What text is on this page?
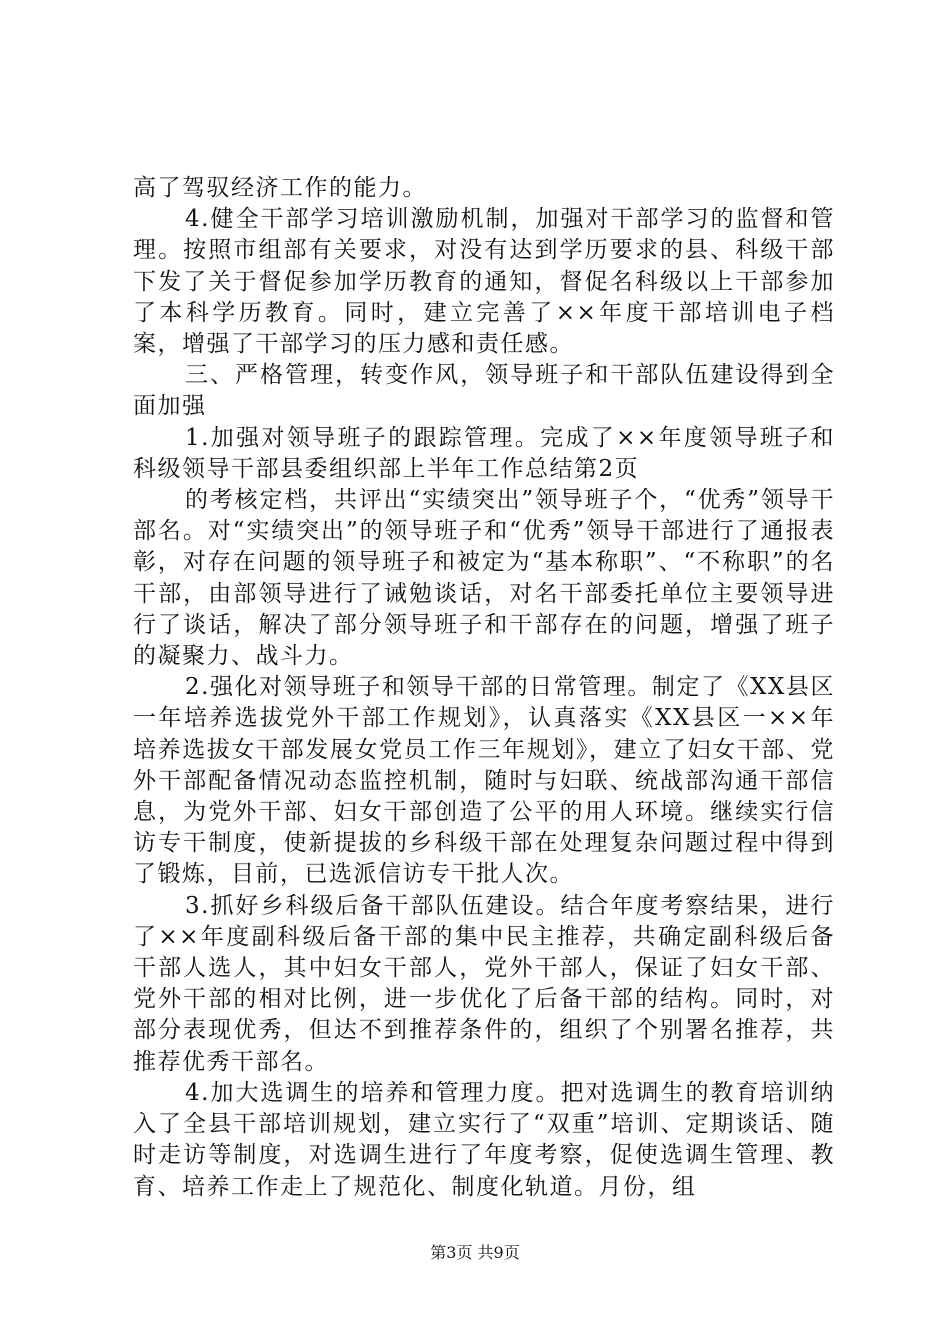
高了驾驭经济工作的能力。

4.健全干部学习培训激励机制，加强对干部学习的监督和管理。按照市组部有关要求，对没有达到学历要求的县、科级干部下发了关于督促参加学历教育的通知，督促名科级以上干部参加了本科学历教育。同时，建立完善了××年度干部培训电子档案，增强了干部学习的压力感和责任感。

三、严格管理，转变作风，领导班子和干部队伍建设得到全面加强

1.加强对领导班子的跟踪管理。完成了××年度领导班子和科级领导干部县委组织部上半年工作总结第2页

的考核定档，共评出“实绩突出”领导班子个，“优秀”领导干部名。对“实绩突出”的领导班子和“优秀”领导干部进行了通报表彰，对存在问题的领导班子和被定为“基本称职”、“不称职”的名干部，由部领导进行了诫勉谈话，对名干部委托单位主要领导进行了谈话，解决了部分领导班子和干部存在的问题，增强了班子的凝聚力、战斗力。

2.强化对领导班子和领导干部的日常管理。制定了《XX县区一年培养选拔党外干部工作规划》，认真落实《XX县区一××年培养选拔女干部发展女党员工作三年规划》，建立了妇女干部、党外干部配备情况动态监控机制，随时与妇联、统战部沟通干部信息，为党外干部、妇女干部创造了公平的用人环境。继续实行信访专干制度，使新提拔的乡科级干部在处理复杂问题过程中得到了锻炼，目前，已选派信访专干批人次。

3.抓好乡科级后备干部队伍建设。结合年度考察结果，进行了××年度副科级后备干部的集中民主推荐，共确定副科级后备干部人选人，其中妇女干部人，党外干部人，保证了妇女干部、党外干部的相对比例，进一步优化了后备干部的结构。同时，对部分表现优秀，但达不到推荐条件的，组织了个别署名推荐，共推荐优秀干部名。

4.加大选调生的培养和管理力度。把对选调生的教育培训纳入了全县干部培训规划，建立实行了“双重”培训、定期谈话、随时走访等制度，对选调生进行了年度考察，促使选调生管理、教育、培养工作走上了规范化、制度化轨道。月份，组

第3页 共9页
